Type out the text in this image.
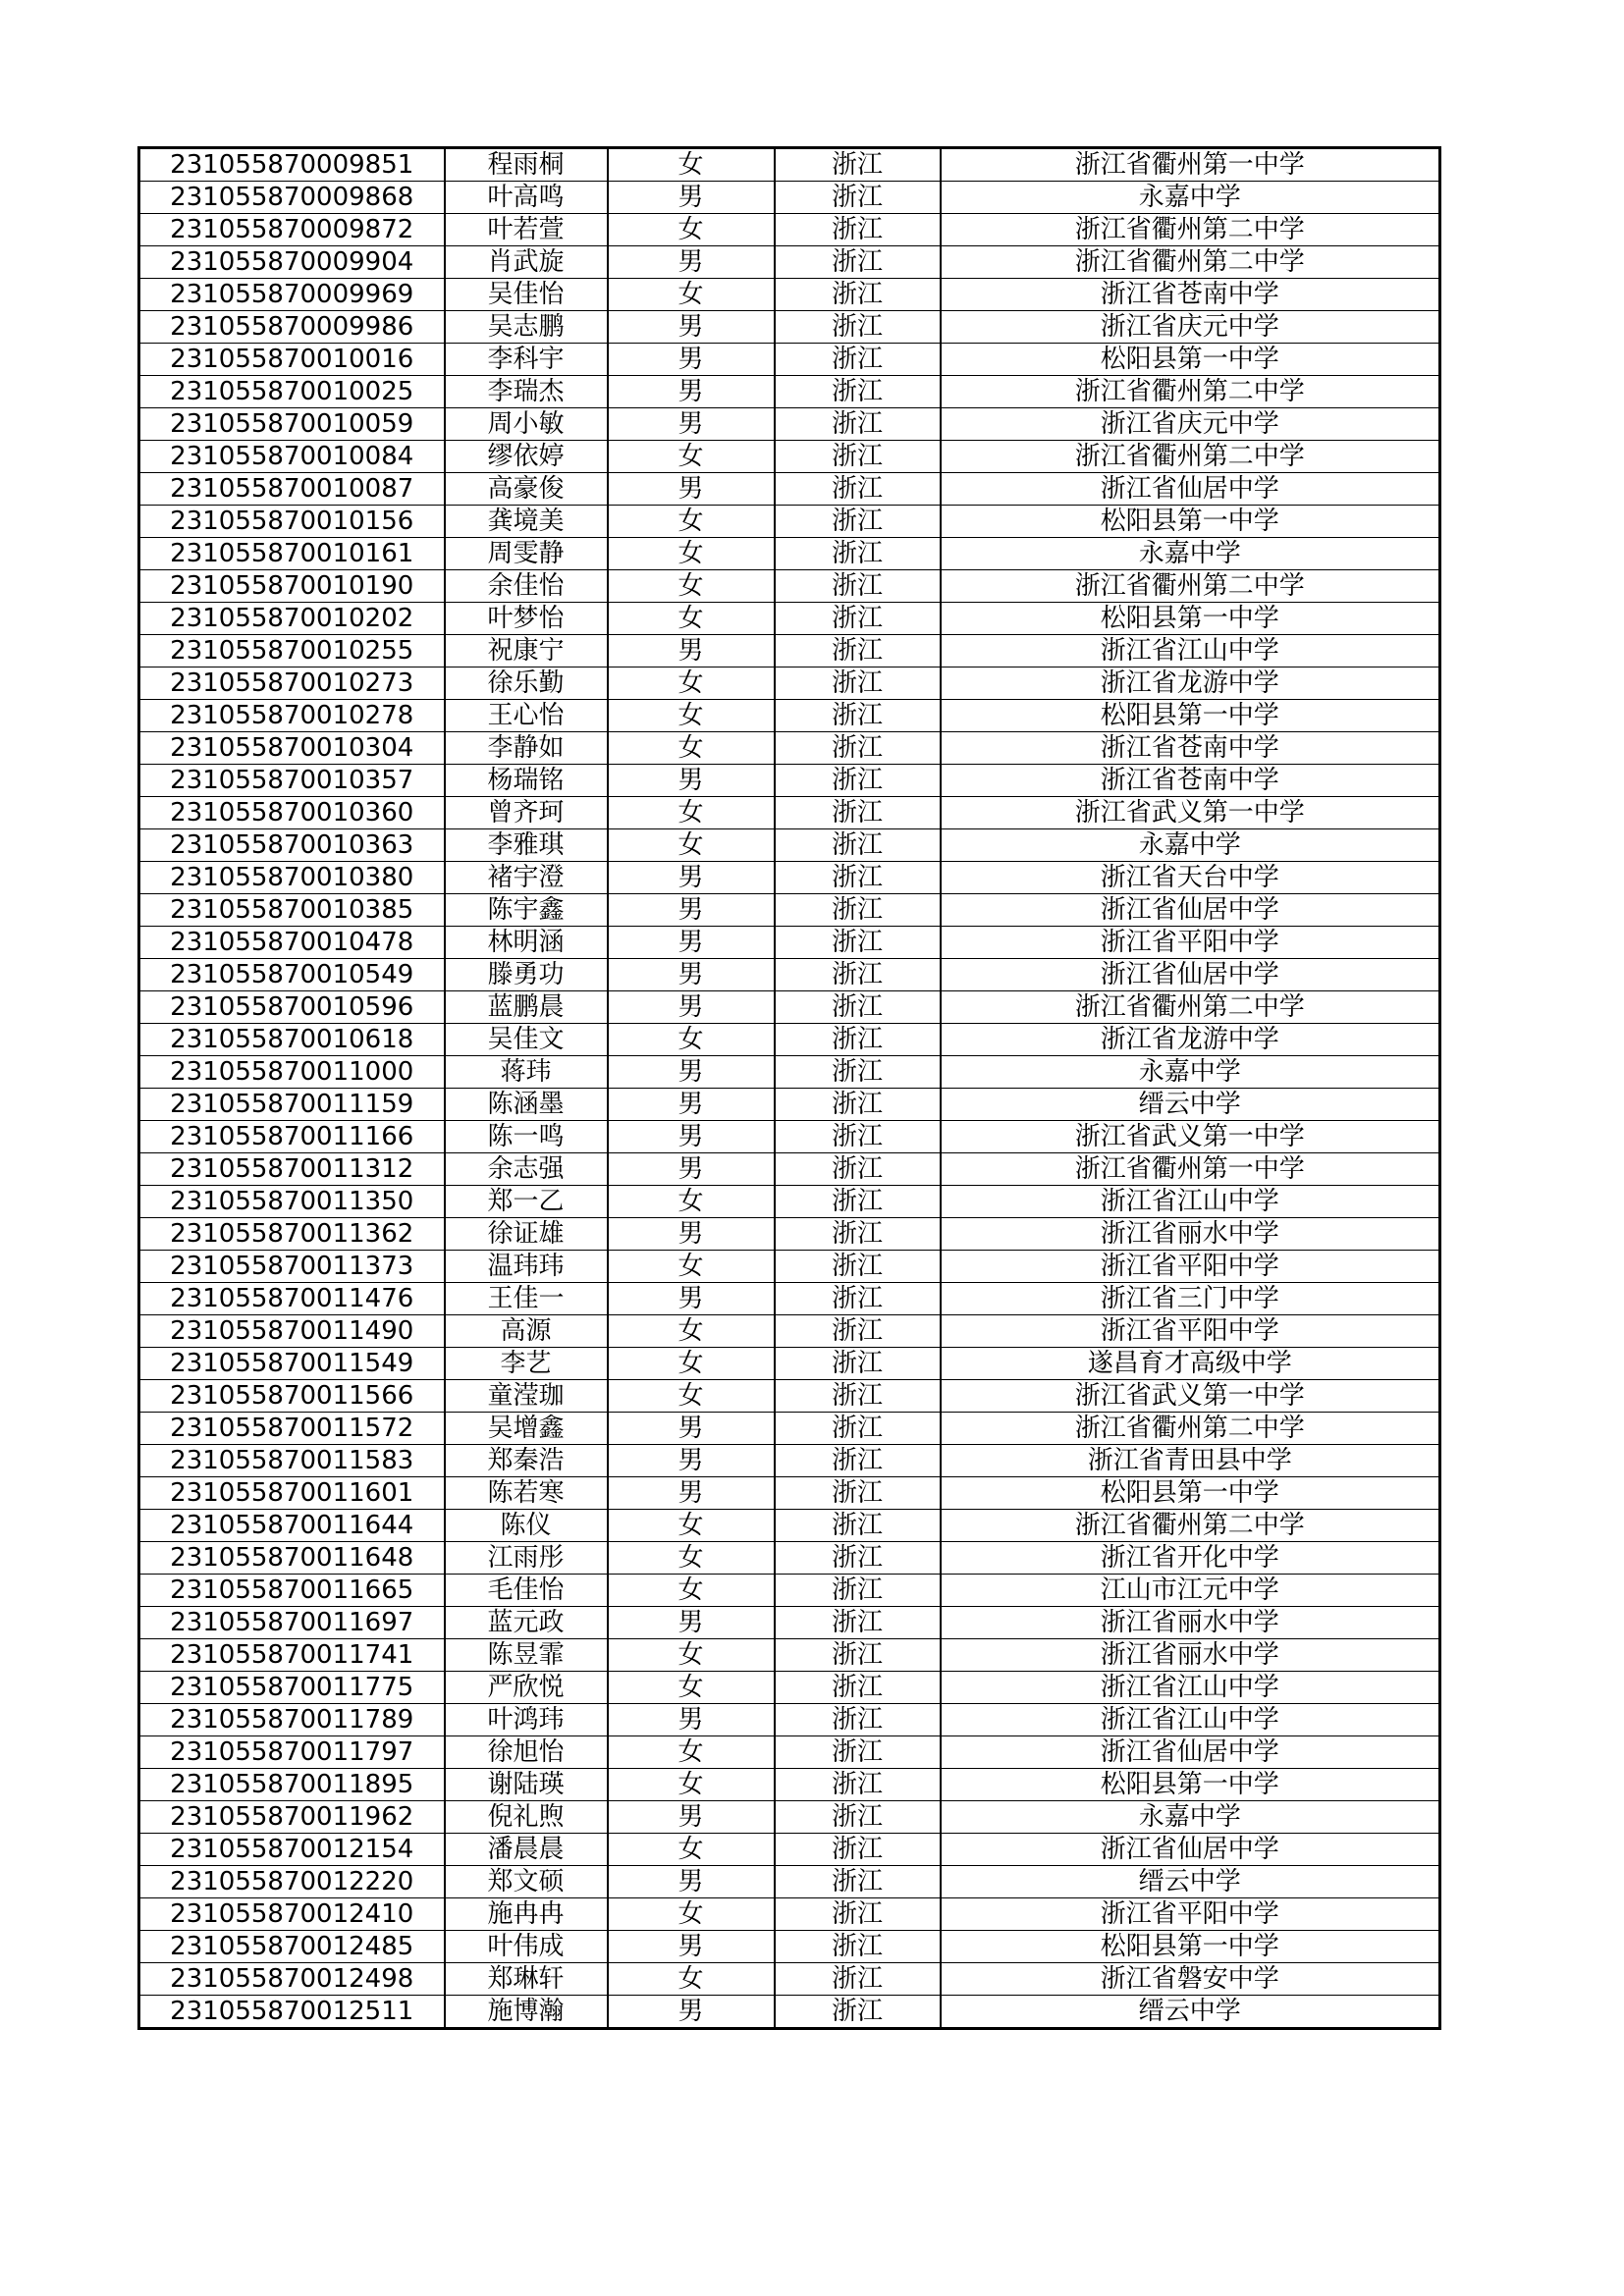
231055870009851	程雨桐	女	浙江	浙江省衢州第一中学
231055870009868	叶高鸣	男	浙江	永嘉中学
231055870009872	叶若萱	女	浙江	浙江省衢州第二中学
231055870009904	肖武旋	男	浙江	浙江省衢州第二中学
231055870009969	吴佳怡	女	浙江	浙江省苍南中学
231055870009986	吴志鹏	男	浙江	浙江省庆元中学
231055870010016	李科宇	男	浙江	松阳县第一中学
231055870010025	李瑞杰	男	浙江	浙江省衢州第二中学
231055870010059	周小敏	男	浙江	浙江省庆元中学
231055870010084	缪依婷	女	浙江	浙江省衢州第二中学
231055870010087	高豪俊	男	浙江	浙江省仙居中学
231055870010156	龚境美	女	浙江	松阳县第一中学
231055870010161	周雯静	女	浙江	永嘉中学
231055870010190	余佳怡	女	浙江	浙江省衢州第二中学
231055870010202	叶梦怡	女	浙江	松阳县第一中学
231055870010255	祝康宁	男	浙江	浙江省江山中学
231055870010273	徐乐勤	女	浙江	浙江省龙游中学
231055870010278	王心怡	女	浙江	松阳县第一中学
231055870010304	李静如	女	浙江	浙江省苍南中学
231055870010357	杨瑞铭	男	浙江	浙江省苍南中学
231055870010360	曾齐珂	女	浙江	浙江省武义第一中学
231055870010363	李雅琪	女	浙江	永嘉中学
231055870010380	褚宇澄	男	浙江	浙江省天台中学
231055870010385	陈宇鑫	男	浙江	浙江省仙居中学
231055870010478	林明涵	男	浙江	浙江省平阳中学
231055870010549	滕勇功	男	浙江	浙江省仙居中学
231055870010596	蓝鹏晨	男	浙江	浙江省衢州第二中学
231055870010618	吴佳文	女	浙江	浙江省龙游中学
231055870011000	蒋玮	男	浙江	永嘉中学
231055870011159	陈涵墨	男	浙江	缙云中学
231055870011166	陈一鸣	男	浙江	浙江省武义第一中学
231055870011312	余志强	男	浙江	浙江省衢州第一中学
231055870011350	郑一乙	女	浙江	浙江省江山中学
231055870011362	徐证雄	男	浙江	浙江省丽水中学
231055870011373	温玮玮	女	浙江	浙江省平阳中学
231055870011476	王佳一	男	浙江	浙江省三门中学
231055870011490	高源	女	浙江	浙江省平阳中学
231055870011549	李艺	女	浙江	遂昌育才高级中学
231055870011566	童滢珈	女	浙江	浙江省武义第一中学
231055870011572	吴增鑫	男	浙江	浙江省衢州第二中学
231055870011583	郑秦浩	男	浙江	浙江省青田县中学
231055870011601	陈若寒	男	浙江	松阳县第一中学
231055870011644	陈仪	女	浙江	浙江省衢州第二中学
231055870011648	江雨彤	女	浙江	浙江省开化中学
231055870011665	毛佳怡	女	浙江	江山市江元中学
231055870011697	蓝元政	男	浙江	浙江省丽水中学
231055870011741	陈昱霏	女	浙江	浙江省丽水中学
231055870011775	严欣悦	女	浙江	浙江省江山中学
231055870011789	叶鸿玮	男	浙江	浙江省江山中学
231055870011797	徐旭怡	女	浙江	浙江省仙居中学
231055870011895	谢陆瑛	女	浙江	松阳县第一中学
231055870011962	倪礼煦	男	浙江	永嘉中学
231055870012154	潘晨晨	女	浙江	浙江省仙居中学
231055870012220	郑文硕	男	浙江	缙云中学
231055870012410	施冉冉	女	浙江	浙江省平阳中学
231055870012485	叶伟成	男	浙江	松阳县第一中学
231055870012498	郑琳轩	女	浙江	浙江省磐安中学
231055870012511	施博瀚	男	浙江	缙云中学
